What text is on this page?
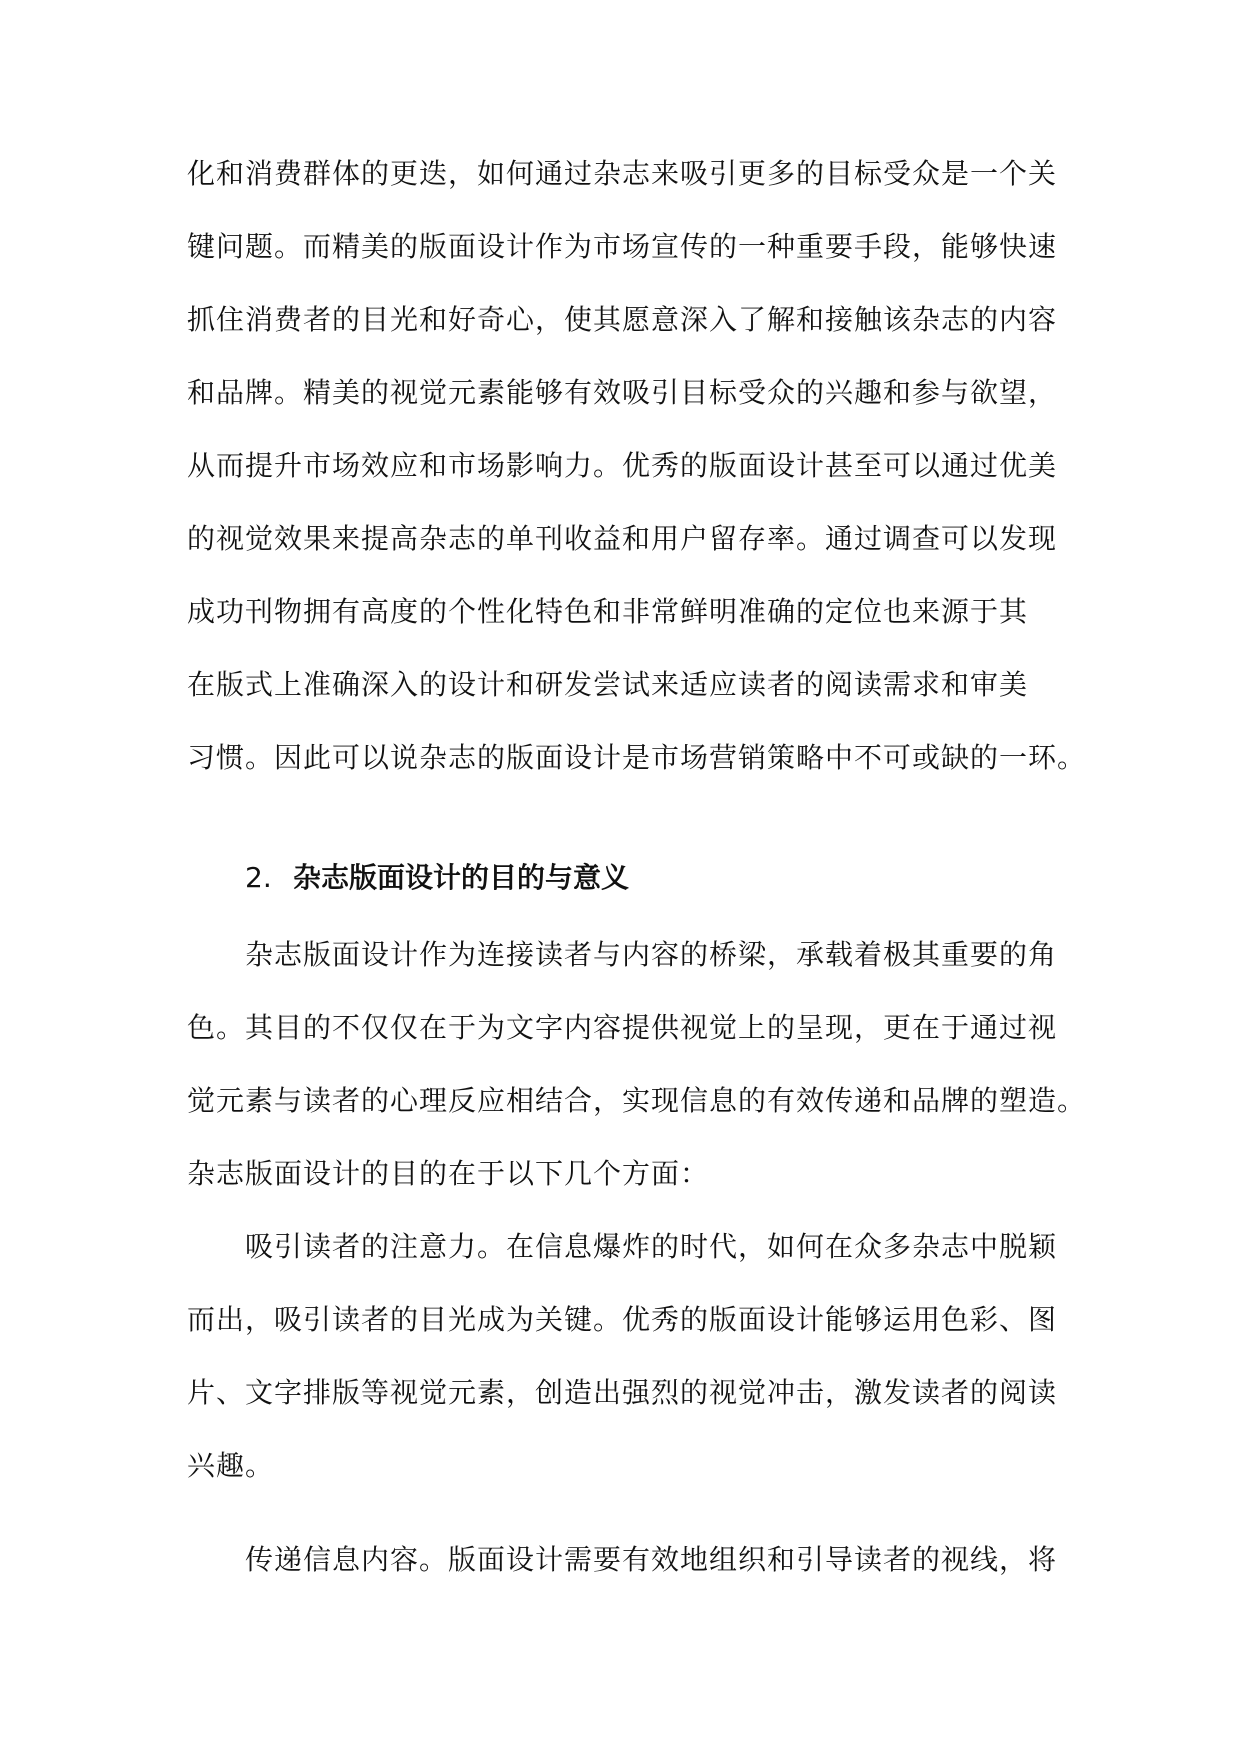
化和消费群体的更迭，如何通过杂志来吸引更多的目标受众是一个关
键问题。而精美的版面设计作为市场宣传的一种重要手段，能够快速
抓住消费者的目光和好奇心，使其愿意深入了解和接触该杂志的内容
和品牌。精美的视觉元素能够有效吸引目标受众的兴趣和参与欲望，
从而提升市场效应和市场影响力。优秀的版面设计甚至可以通过优美
的视觉效果来提高杂志的单刊收益和用户留存率。通过调查可以发现
成功刊物拥有高度的个性化特色和非常鲜明准确的定位也来源于其
在版式上准确深入的设计和研发尝试来适应读者的阅读需求和审美
习惯。因此可以说杂志的版面设计是市场营销策略中不可或缺的一环。
2. 杂志版面设计的目的与意义
杂志版面设计作为连接读者与内容的桥梁，承载着极其重要的角
色。其目的不仅仅在于为文字内容提供视觉上的呈现，更在于通过视
觉元素与读者的心理反应相结合，实现信息的有效传递和品牌的塑造。
杂志版面设计的目的在于以下几个方面：
吸引读者的注意力。在信息爆炸的时代，如何在众多杂志中脱颖
而出，吸引读者的目光成为关键。优秀的版面设计能够运用色彩、图
片、文字排版等视觉元素，创造出强烈的视觉冲击，激发读者的阅读
兴趣。
传递信息内容。版面设计需要有效地组织和引导读者的视线，将
